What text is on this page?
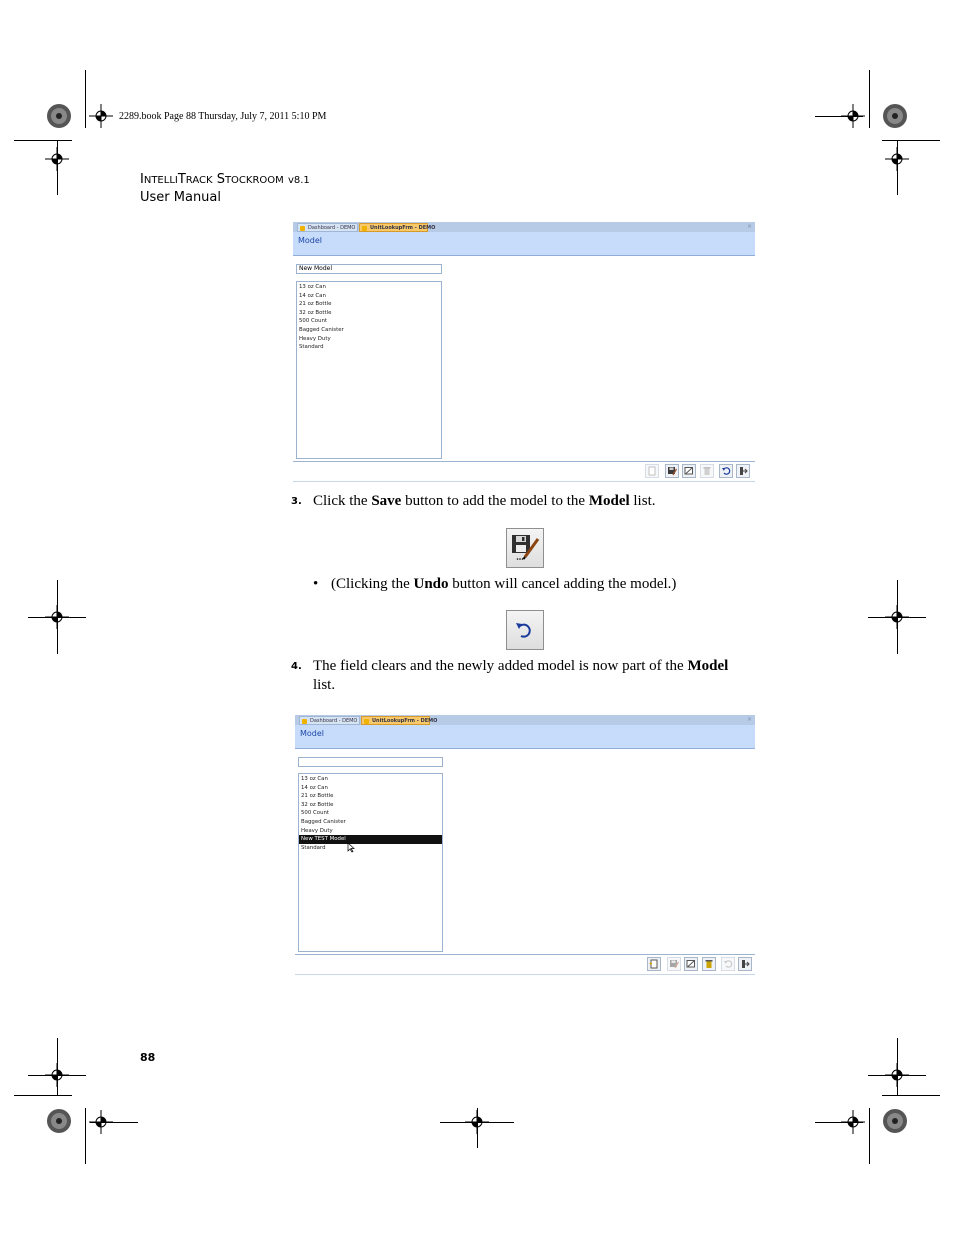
2289.book Page 88 Thursday, July 7, 2011 5:10 PM
INTELLITRACK STOCKROOM v8.1
User Manual
Dashboard - DEMO	UnitLookupFrm - DEMO	×
Model
New Model
13 oz Can
14 oz Can
21 oz Bottle
32 oz Bottle
500 Count
Bagged Canister
Heavy Duty
Standard
3. Click the Save button to add the model to the Model list.
• (Clicking the Undo button will cancel adding the model.)
4. The field clears and the newly added model is now part of the Model
list.
Dashboard - DEMO	UnitLookupFrm - DEMO	×
Model
13 oz Can
14 oz Can
21 oz Bottle
32 oz Bottle
500 Count
Bagged Canister
Heavy Duty
New TEST Model
Standard
88
